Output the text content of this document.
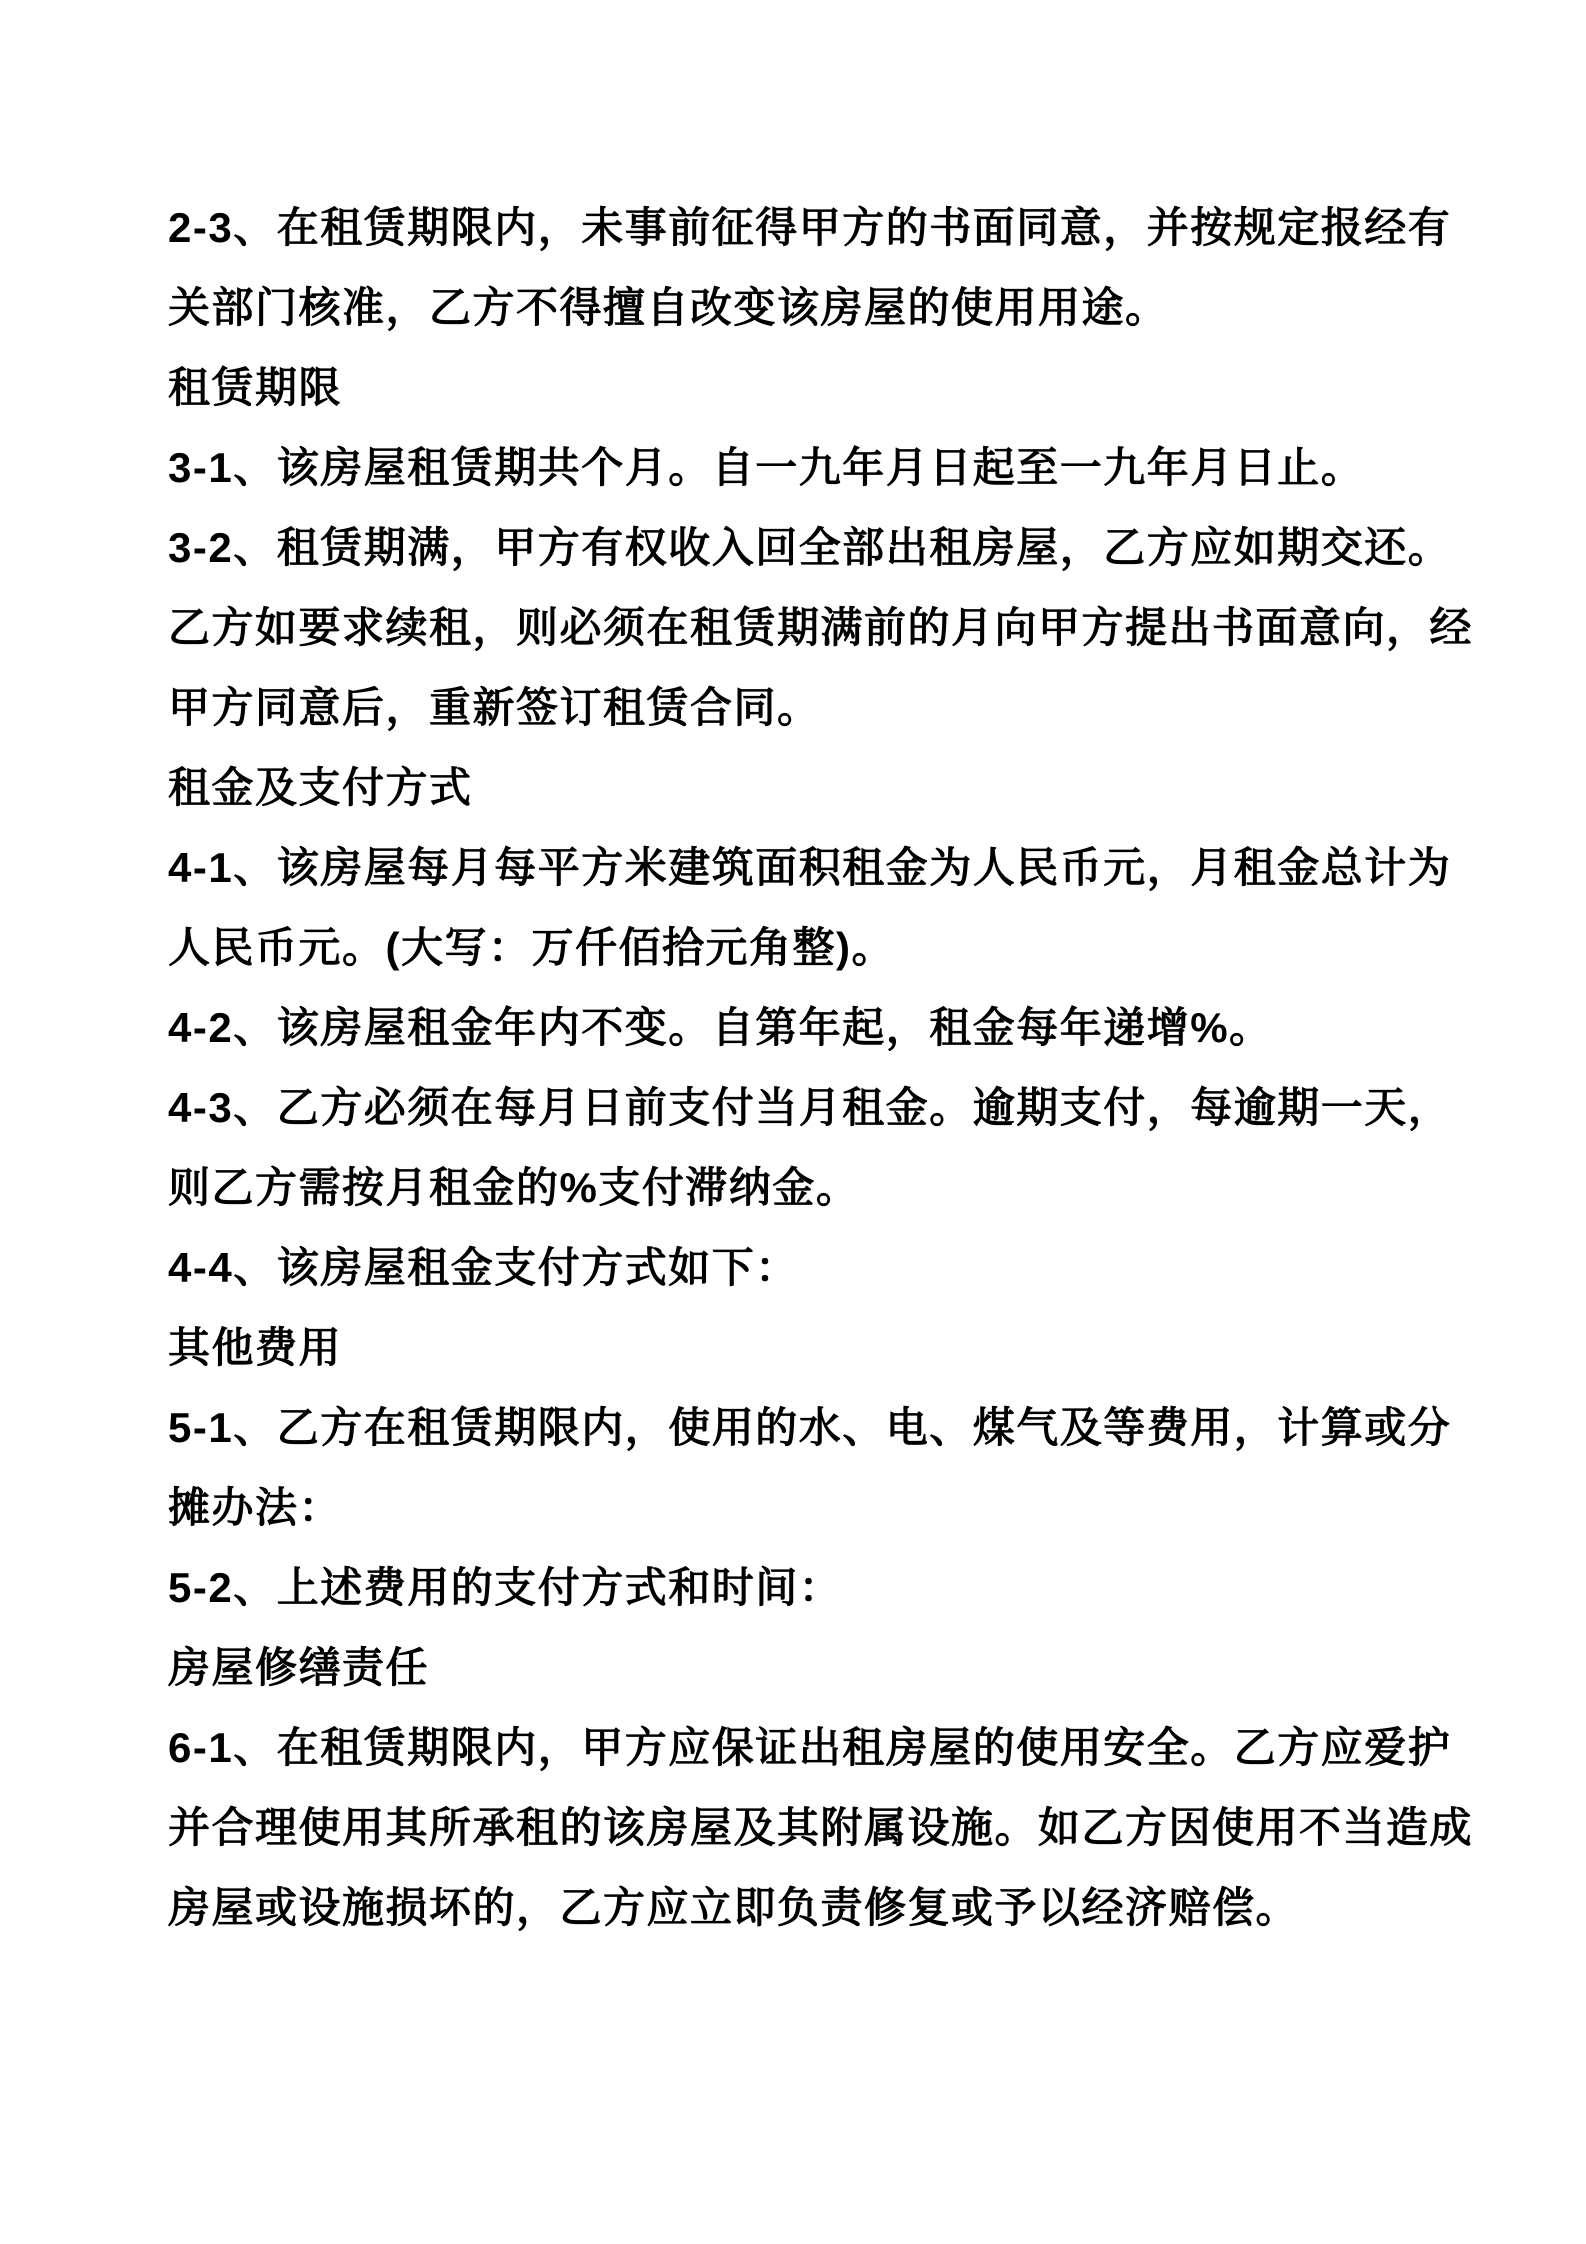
2-3、在租赁期限内，未事前征得甲方的书面同意，并按规定报经有
关部门核准，乙方不得擅自改变该房屋的使用用途。
租赁期限
3-1、该房屋租赁期共个月。自一九年月日起至一九年月日止。
3-2、租赁期满，甲方有权收入回全部出租房屋，乙方应如期交还。
乙方如要求续租，则必须在租赁期满前的月向甲方提出书面意向，经
甲方同意后，重新签订租赁合同。
租金及支付方式
4-1、该房屋每月每平方米建筑面积租金为人民币元，月租金总计为
人民币元。(大写：万仟佰拾元角整)。
4-2、该房屋租金年内不变。自第年起，租金每年递增%。
4-3、乙方必须在每月日前支付当月租金。逾期支付，每逾期一天，
则乙方需按月租金的%支付滞纳金。
4-4、该房屋租金支付方式如下：
其他费用
5-1、乙方在租赁期限内，使用的水、电、煤气及等费用，计算或分
摊办法：
5-2、上述费用的支付方式和时间：
房屋修缮责任
6-1、在租赁期限内，甲方应保证出租房屋的使用安全。乙方应爱护
并合理使用其所承租的该房屋及其附属设施。如乙方因使用不当造成
房屋或设施损坏的，乙方应立即负责修复或予以经济赔偿。
